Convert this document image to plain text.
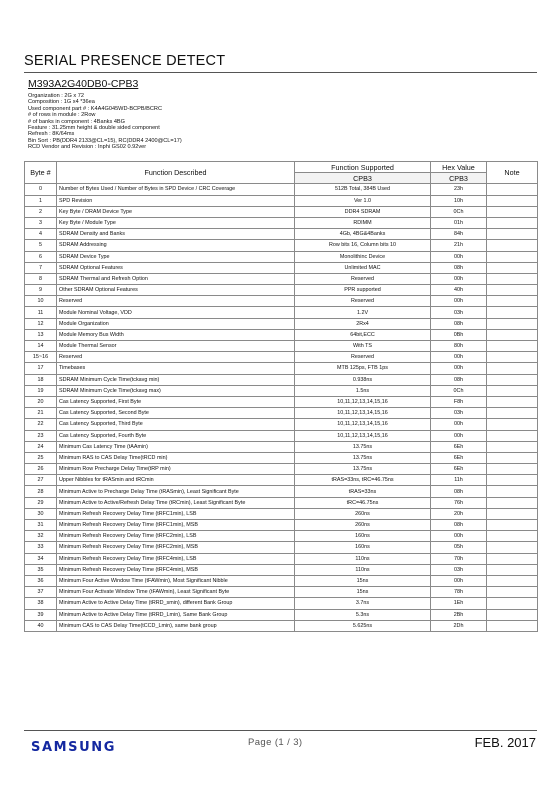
SERIAL PRESENCE DETECT
M393A2G40DB0-CPB3
Organization : 2G x 72
Composition : 1G x4 *36ea
Used component part # : K4A4G045WD-BCPB/BCRC
# of rows in module : 2Row
# of banks in component : 4Banks 4BG
Feature : 31.25mm height & double sided component
Refresh : 8K/64ms
Bin Sort : PB(DDR4 2133@CL=15), RC(DDR4 2400@CL=17)
RCD Vendor and Revision : Inphi GS02 0.92ver
Byte #	Function Described	Function Supported	Hex Value	Note
		CPB3	CPB3	
0	Number of Bytes Used / Number of Bytes in SPD Device / CRC Coverage	512B Total, 384B Used	23h	
1	SPD Revision	Ver 1.0	10h	
2	Key Byte / DRAM Device Type	DDR4 SDRAM	0Ch	
3	Key Byte / Module Type	RDIMM	01h	
4	SDRAM Density and Banks	4Gb, 4BG&4Banks	84h	
5	SDRAM Addressing	Row bits 16, Column bits 10	21h	
6	SDRAM Device Type	Monolithinc Device	00h	
7	SDRAM Optional Features	Unlimited MAC	08h	
8	SDRAM Thermal and Refresh Option	Reserved	00h	
9	Other SDRAM Optional Features	PPR supported	40h	
10	Reserved	Reserved	00h	
11	Module Nominal Voltage, VDD	1.2V	03h	
12	Module Organization	2Rx4	08h	
13	Module Memory Bus Width	64bit,ECC	0Bh	
14	Module Thermal Sensor	With TS	80h	
15~16	Reserved	Reserved	00h	
17	Timebases	MTB 125ps, FTB 1ps	00h	
18	SDRAM Minimum Cycle Time(tckavg min)	0.938ns	08h	
19	SDRAM Minimum Cycle Time(tckavg max)	1.5ns	0Ch	
20	Cas Latency Supported, First Byte	10,11,12,13,14,15,16	F8h	
21	Cas Latency Supported, Second Byte	10,11,12,13,14,15,16	03h	
22	Cas Latency Supported, Third Byte	10,11,12,13,14,15,16	00h	
23	Cas Latency Supported, Fourth Byte	10,11,12,13,14,15,16	00h	
24	Minimum Cas Latency Time (tAAmin)	13.75ns	6Eh	
25	Minimum RAS to CAS Delay Time(tRCD min)	13.75ns	6Eh	
26	Minimum Row Precharge Delay Time(tRP min)	13.75ns	6Eh	
27	Upper Nibbles for tRASmin and tRCmin	tRAS=33ns, tRC=46.75ns	11h	
28	Minimum Active to Precharge Delay Time (tRASmin), Least Significant Byte	tRAS=33ns	08h	
29	Minimum Active to Active/Refresh Delay Time (tRCmin), Least Significant Byte	tRC=46.75ns	76h	
30	Minimum Refresh Recovery Delay Time (tRFC1min), LSB	260ns	20h	
31	Minimum Refresh Recovery Delay Time (tRFC1min), MSB	260ns	08h	
32	Minimum Refresh Recovery Delay Time (tRFC2min), LSB	160ns	00h	
33	Minimum Refresh Recovery Delay Time (tRFC2min), MSB	160ns	05h	
34	Minimum Refresh Recovery Delay Time (tRFC4min), LSB	110ns	70h	
35	Minimum Refresh Recovery Delay Time (tRFC4min), MSB	110ns	03h	
36	Minimum Four Active Window Time (tFAWmin), Most Significant Nibble	15ns	00h	
37	Minimum Four Activate Window Time (tFAWmin), Least Significant Byte	15ns	78h	
38	Minimum Active to Active Delay Time (tRRD_smin), different Bank Group	3.7ns	1Eh	
39	Minimum Active to Active Delay Time (tRRD_Lmin), Same Bank Group	5.3ns	2Bh	
40	Minimum CAS to CAS Delay Time(tCCD_Lmin), same bank group	5.625ns	2Dh	
SAMSUNG	Page (1 / 3)	FEB. 2017
